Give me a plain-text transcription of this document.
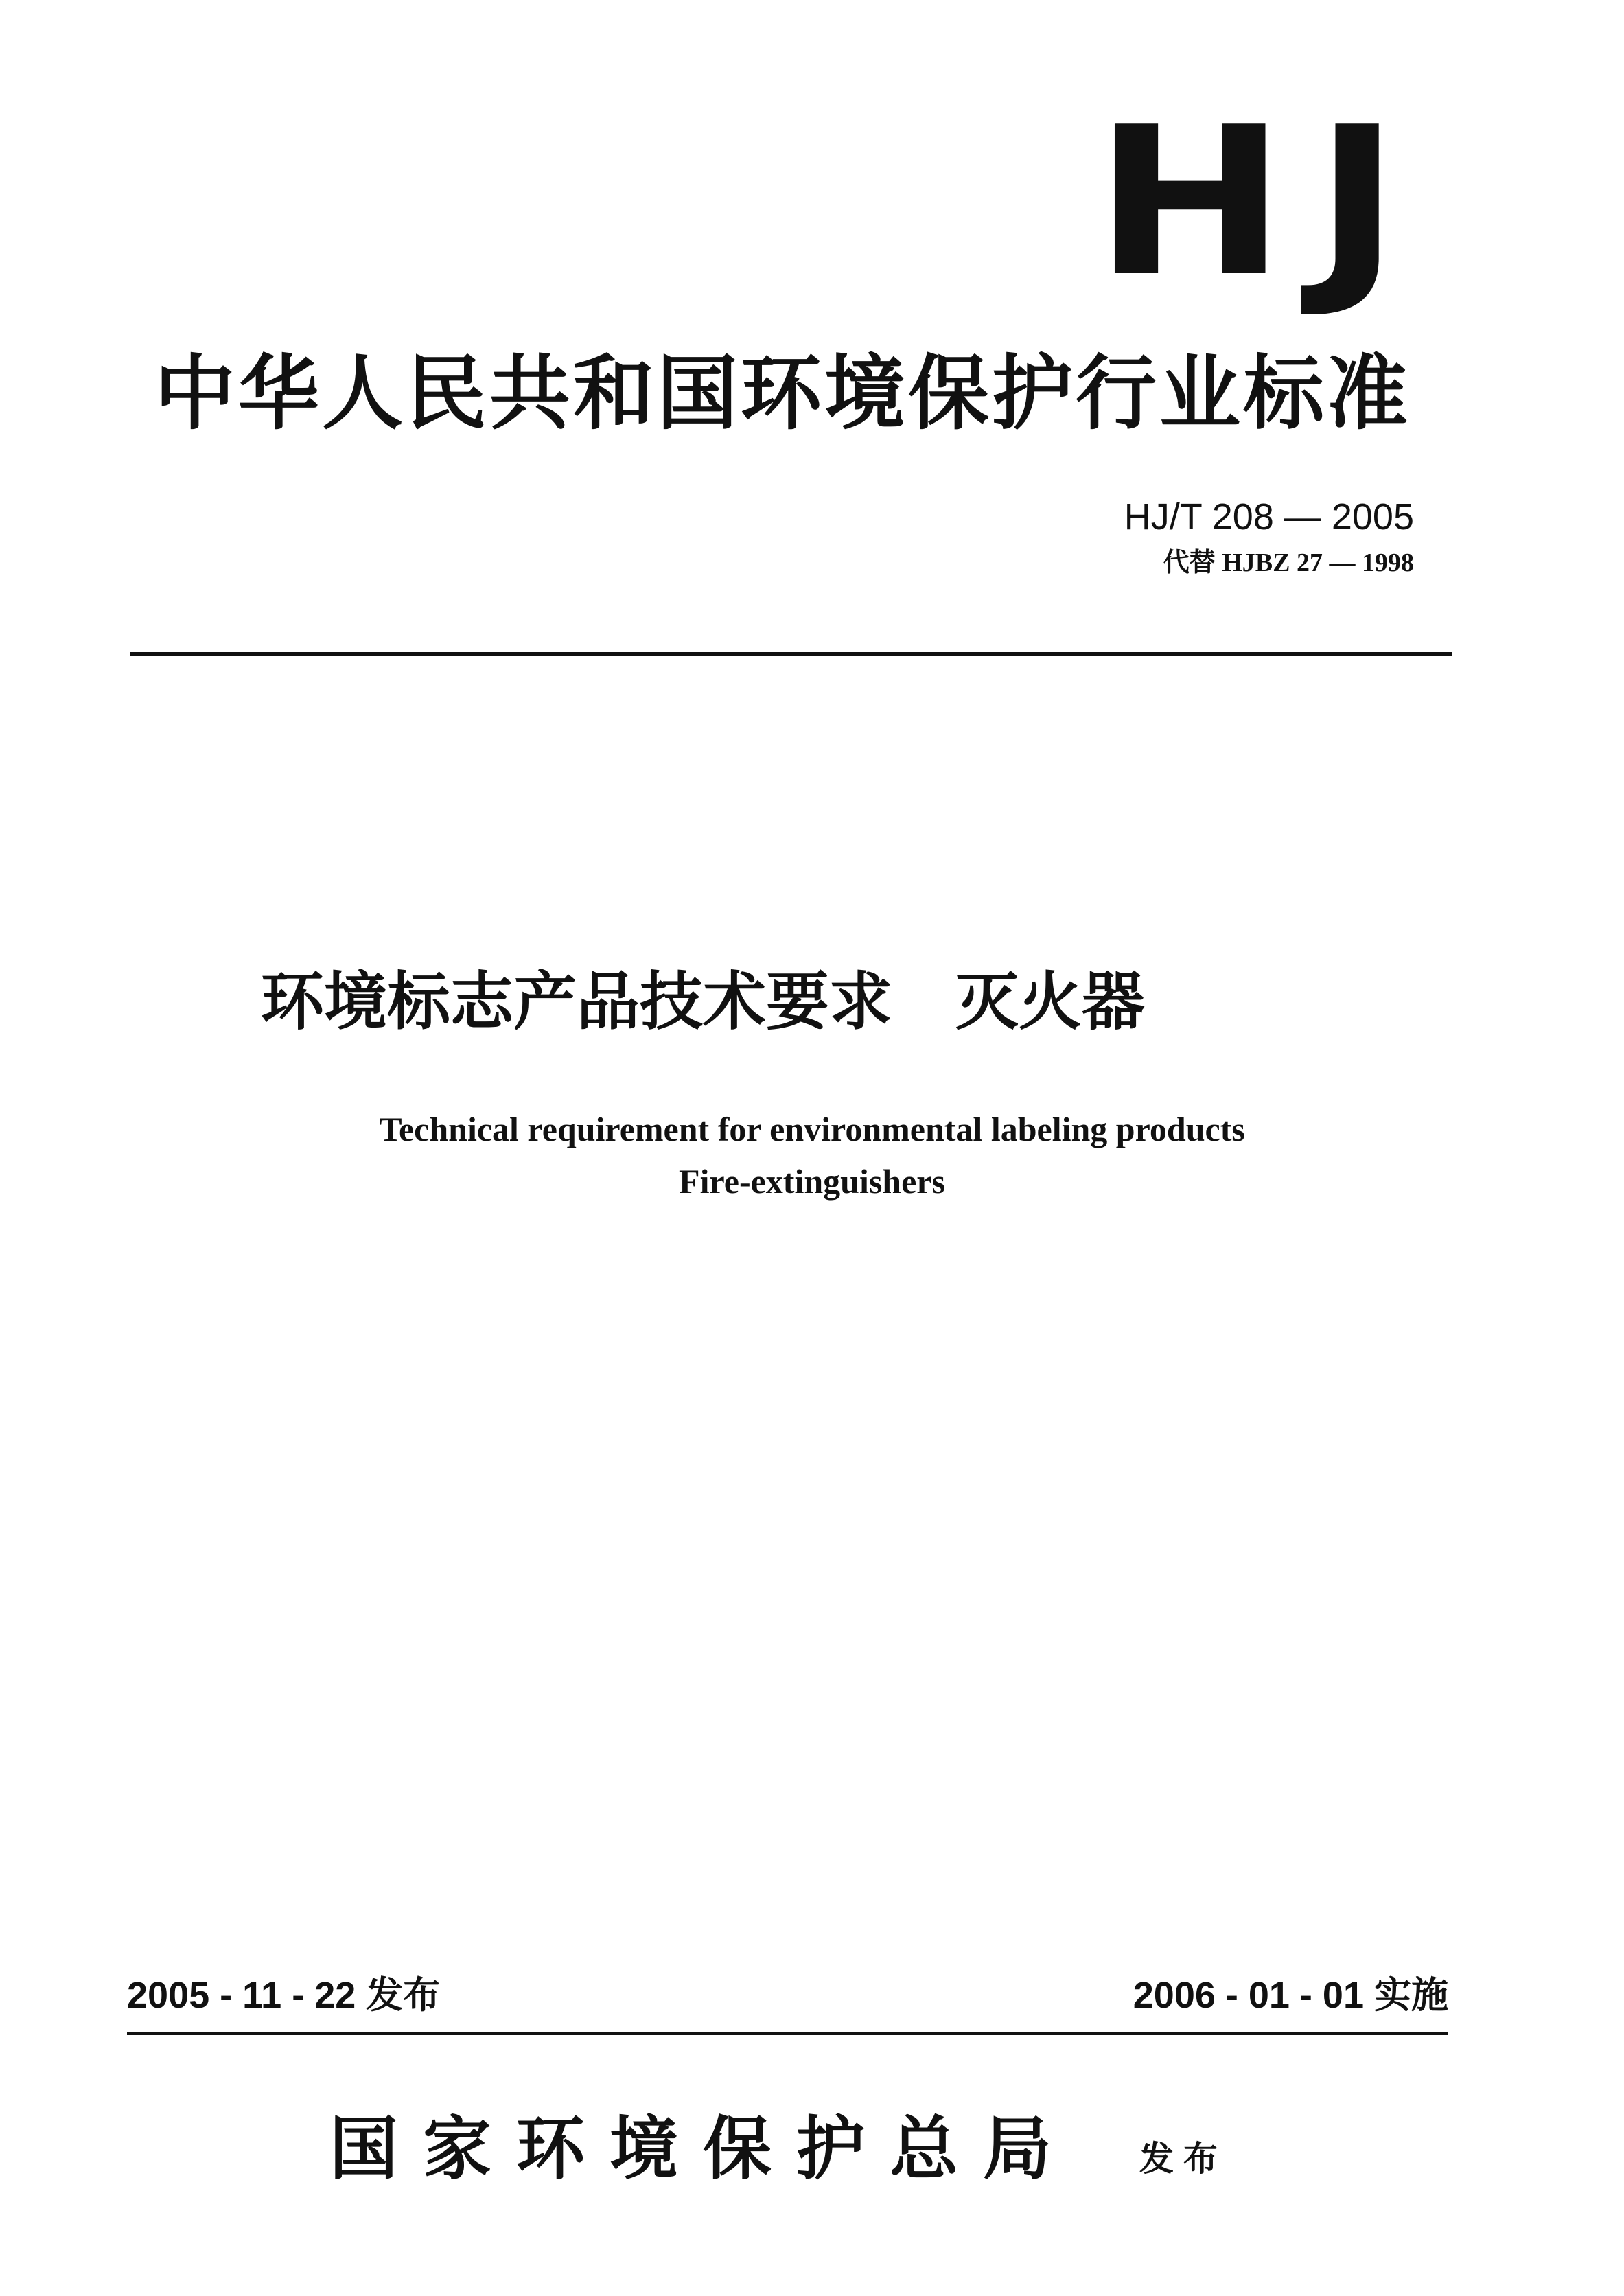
HJ
中华人民共和国环境保护行业标准
HJ/T 208 — 2005
代替 HJBZ 27 — 1998
环境标志产品技术要求　灭火器
Technical requirement for environmental labeling products
Fire-extinguishers
2005 - 11 - 22 发布	2006 - 01 - 01 实施
国家环境保护总局	发布
